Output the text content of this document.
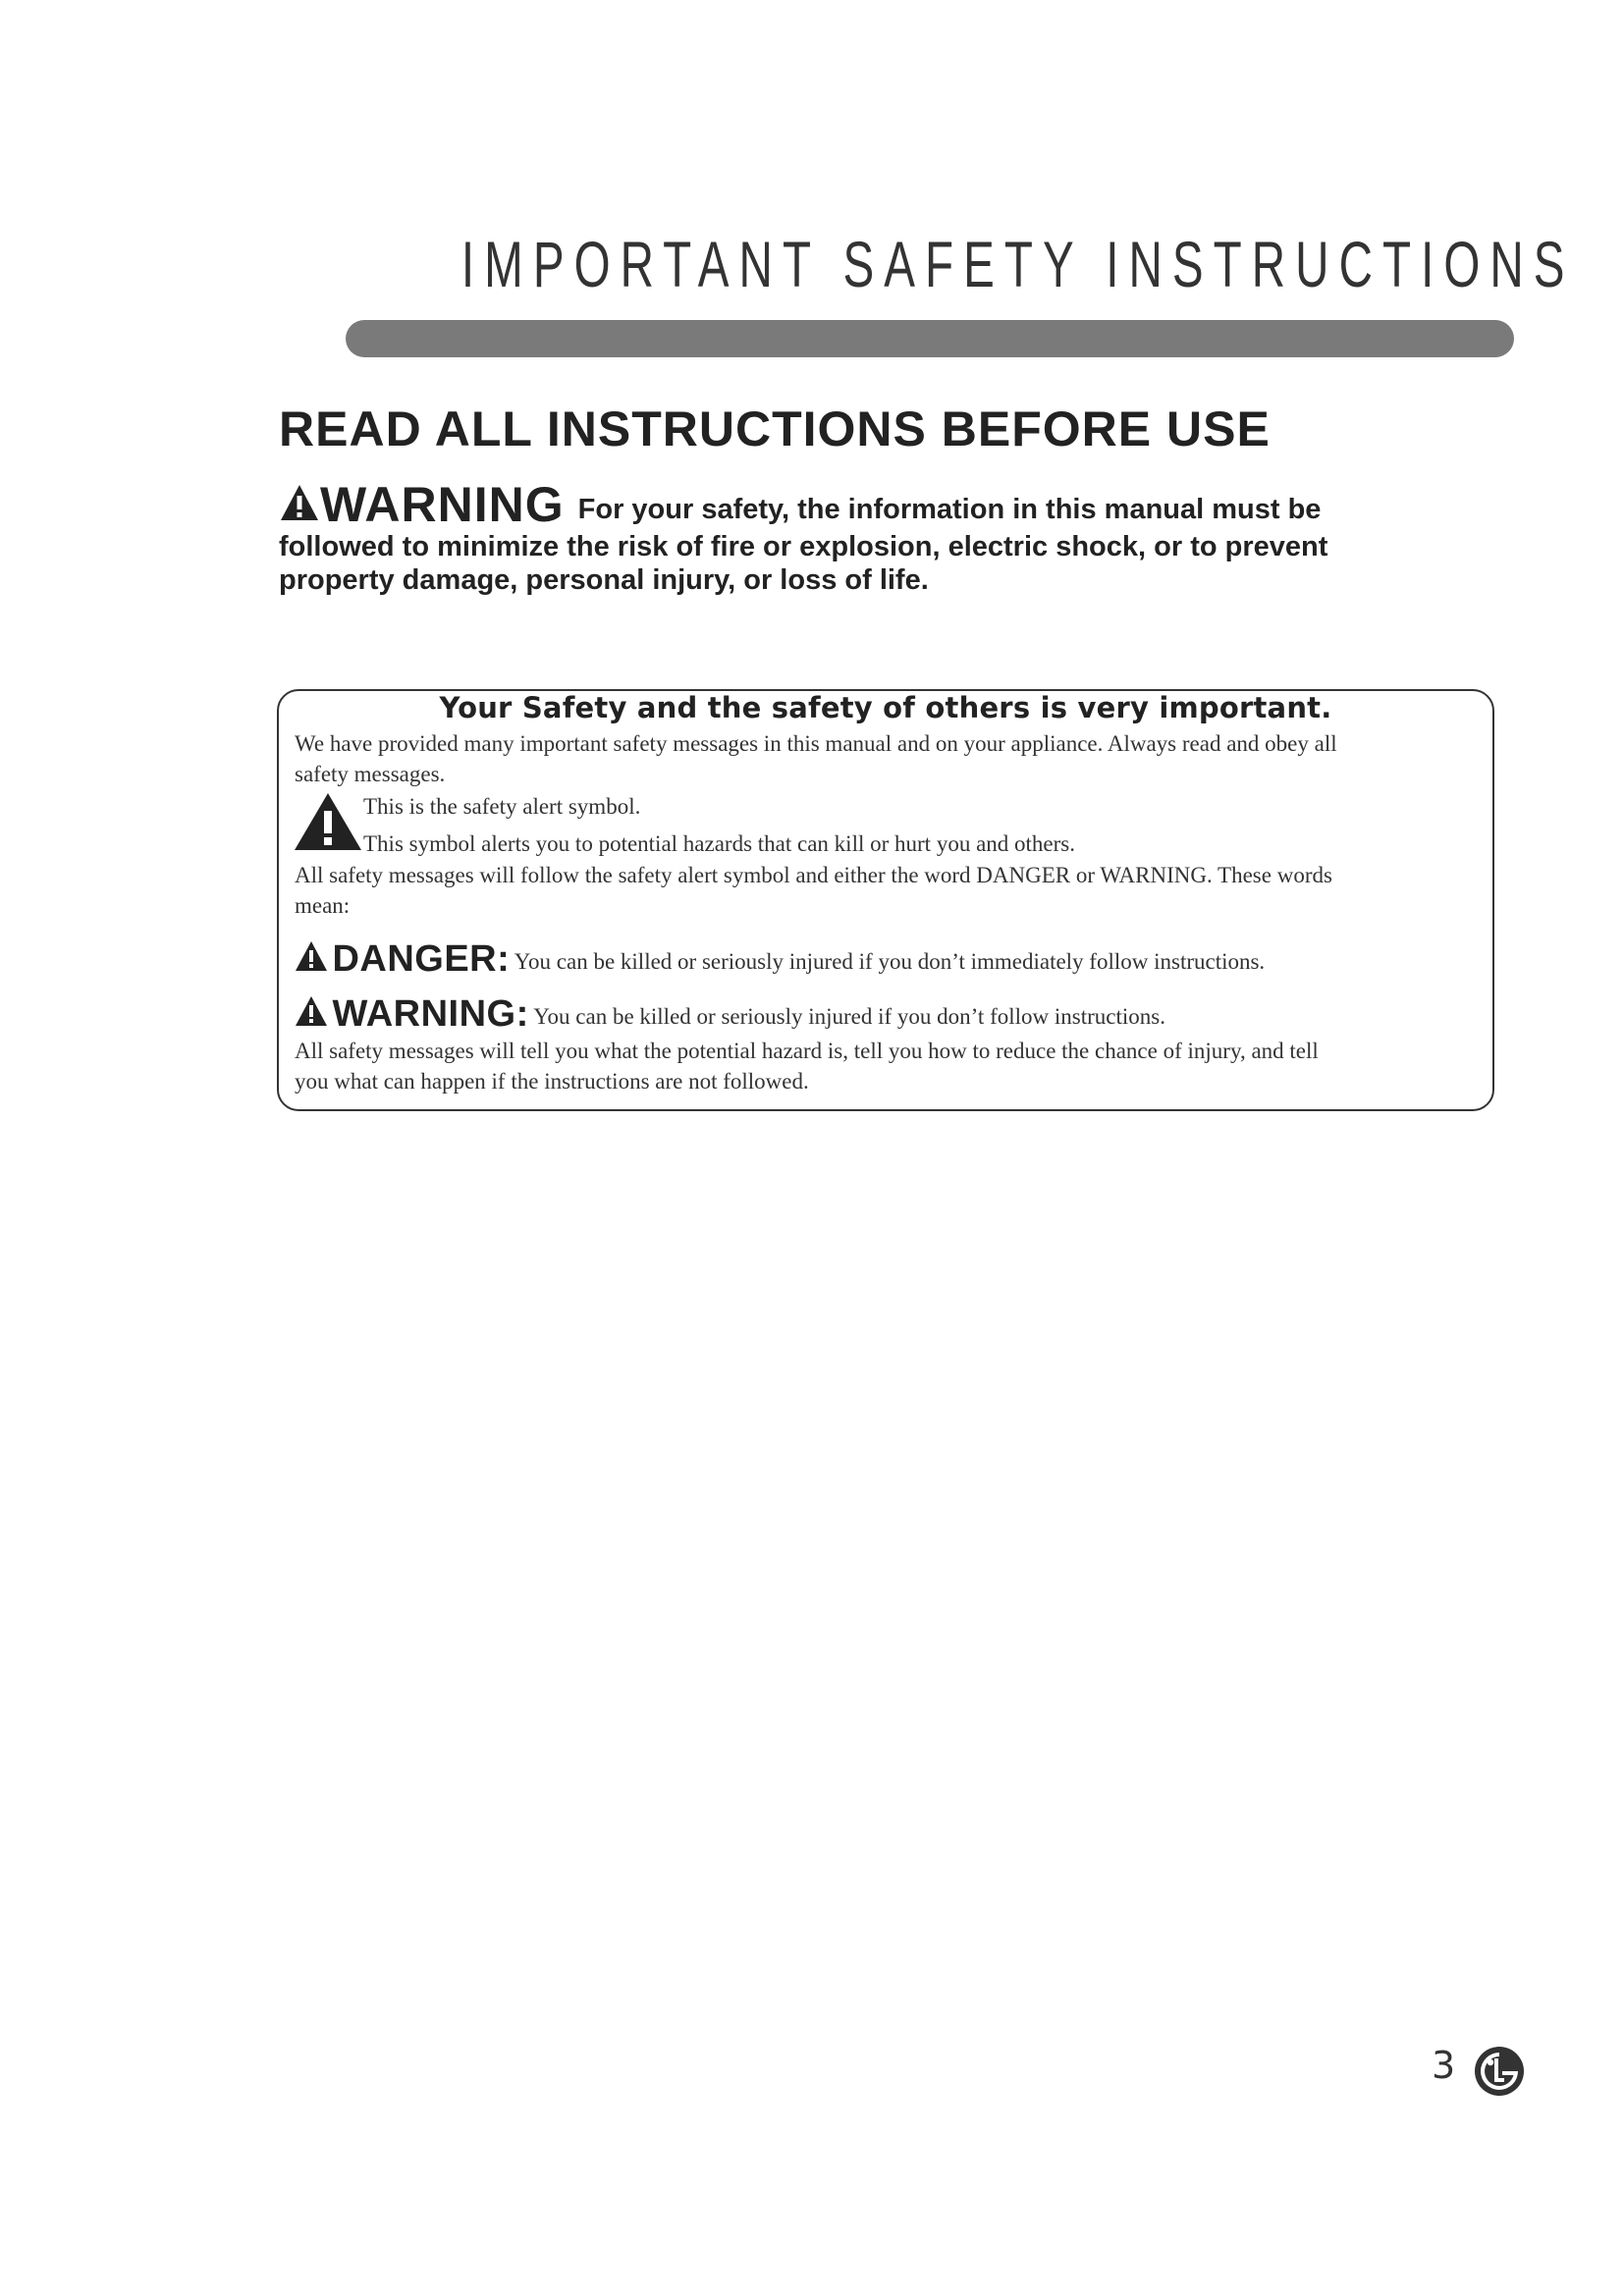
IMPORTANT SAFETY INSTRUCTIONS
READ ALL INSTRUCTIONS BEFORE USE
WARNING For your safety, the information in this manual must be followed to minimize the risk of fire or explosion, electric shock, or to prevent property damage, personal injury, or loss of life.
Your Safety and the safety of others is very important.
We have provided many important safety messages in this manual and on your appliance. Always read and obey all safety messages.
This is the safety alert symbol.
This symbol alerts you to potential hazards that can kill or hurt you and others.
All safety messages will follow the safety alert symbol and either the word DANGER or WARNING. These words mean:
DANGER: You can be killed or seriously injured if you don’t immediately follow instructions.
WARNING: You can be killed or seriously injured if you don’t follow instructions.
All safety messages will tell you what the potential hazard is, tell you how to reduce the chance of injury, and tell you what can happen if the instructions are not followed.
3
